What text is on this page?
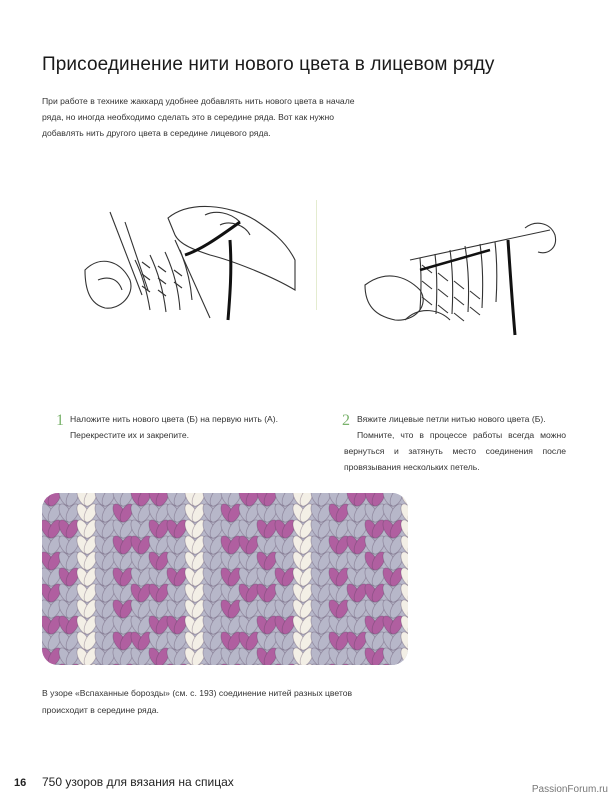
Присоединение нити нового цвета в лицевом ряду
При работе в технике жаккард удобнее добавлять нить нового цвета в начале ряда, но иногда необходимо сделать это в середине ряда. Вот как нужно добавлять нить другого цвета в середине лицевого ряда.
1 Наложите нить нового цвета (Б) на первую нить (А).
Перекрестите их и закрепите.
2 Вяжите лицевые петли нитью нового цвета (Б).
Помните, что в процессе работы всегда можно вернуться и затянуть место соединения после провязывания нескольких петель.
В узоре «Вспаханные борозды» (см. с. 193) соединение нитей разных цветов происходит в середине ряда.
16 750 узоров для вязания на спицах
PassionForum.ru
